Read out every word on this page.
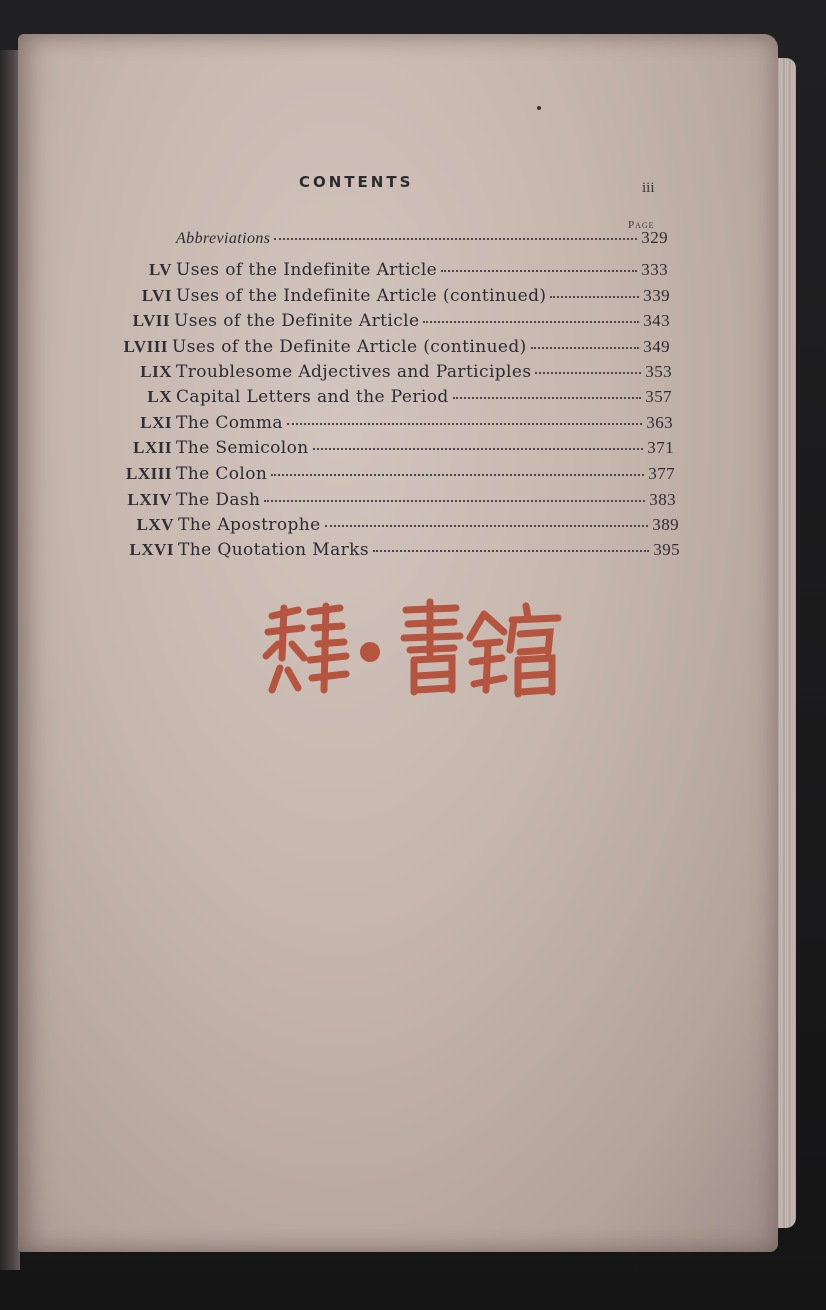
CONTENTS	iii
Page
Abbreviations	329
LV Uses of the Indefinite Article	333
LVI Uses of the Indefinite Article (continued)	339
LVII Uses of the Definite Article	343
LVIII Uses of the Definite Article (continued)	349
LIX Troublesome Adjectives and Participles	353
LX Capital Letters and the Period	357
LXI The Comma	363
LXII The Semicolon	371
LXIII The Colon	377
LXIV The Dash	383
LXV The Apostrophe	389
LXVI The Quotation Marks	395
